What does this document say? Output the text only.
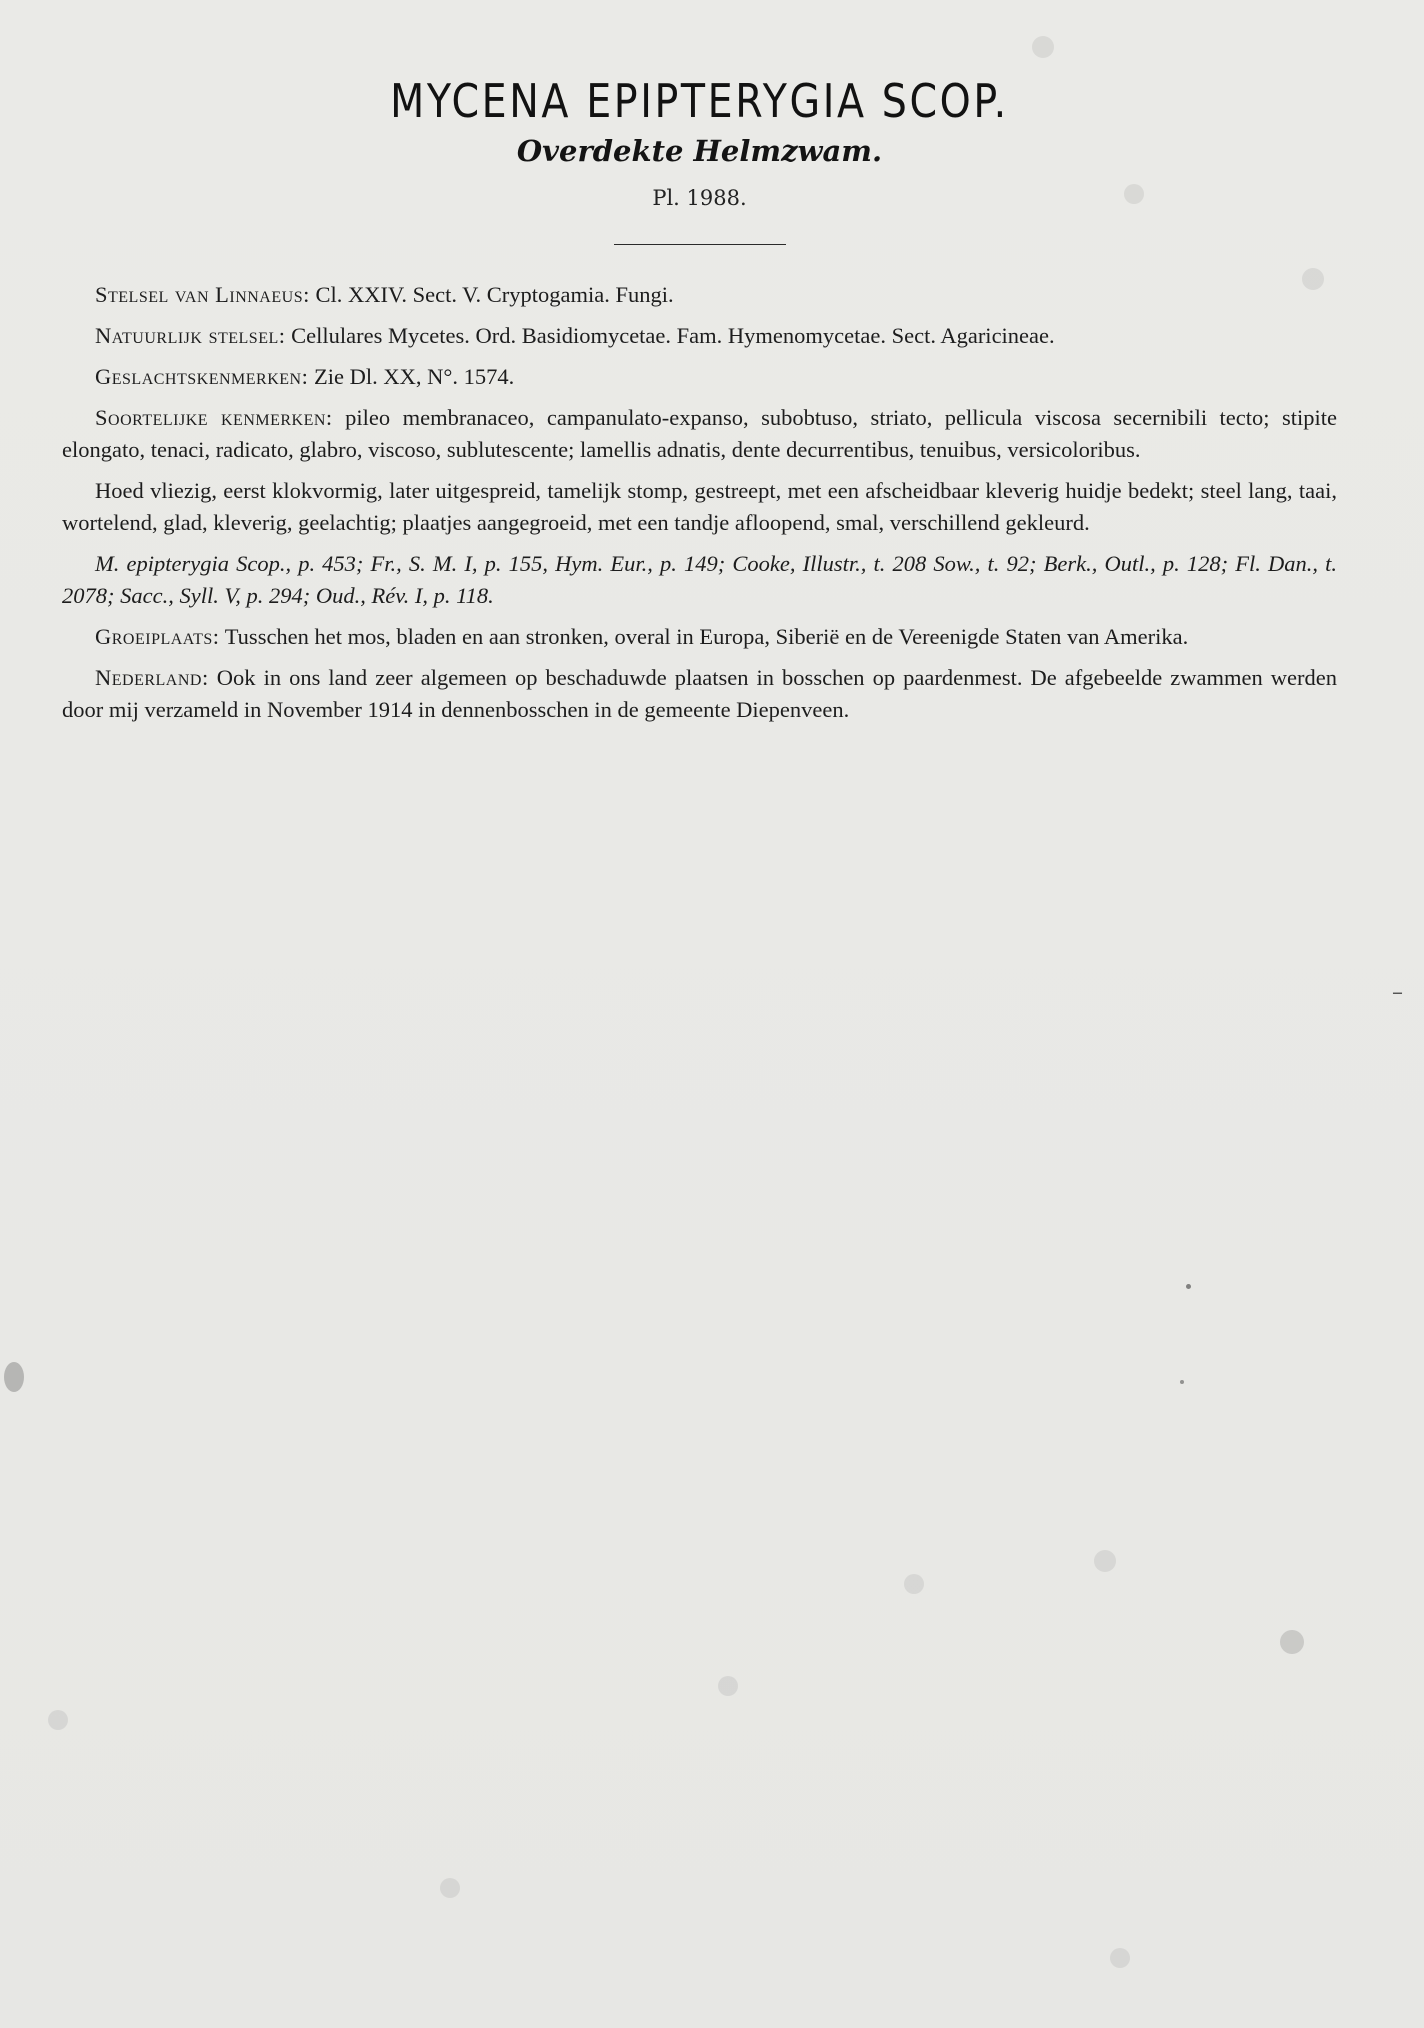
–
MYCENA EPIPTERYGIA SCOP.
Overdekte Helmzwam.
Pl. 1988.

Stelsel van Linnaeus: Cl. XXIV. Sect. V. Cryptogamia. Fungi.

Natuurlijk stelsel: Cellulares Mycetes. Ord. Basidiomycetae. Fam. Hymenomycetae. Sect. Agaricineae.

Geslachtskenmerken: Zie Dl. XX, N°. 1574.

Soortelijke kenmerken: pileo membranaceo, campanulato-expanso, subobtuso, striato, pellicula viscosa secernibili tecto; stipite elongato, tenaci, radicato, glabro, viscoso, sublutescente; lamellis adnatis, dente decurrentibus, tenuibus, versicoloribus.

Hoed vliezig, eerst klokvormig, later uitgespreid, tamelijk stomp, gestreept, met een afscheidbaar kleverig huidje bedekt; steel lang, taai, wortelend, glad, kleverig, geelachtig; plaatjes aangegroeid, met een tandje afloopend, smal, verschillend gekleurd.

M. epipterygia Scop., p. 453; Fr., S. M. I, p. 155, Hym. Eur., p. 149; Cooke, Illustr., t. 208 Sow., t. 92; Berk., Outl., p. 128; Fl. Dan., t. 2078; Sacc., Syll. V, p. 294; Oud., Rév. I, p. 118.

Groeiplaats: Tusschen het mos, bladen en aan stronken, overal in Europa, Siberië en de Vereenigde Staten van Amerika.

Nederland: Ook in ons land zeer algemeen op beschaduwde plaatsen in bosschen op paardenmest. De afgebeelde zwammen werden door mij verzameld in November 1914 in dennenbosschen in de gemeente Diepenveen.
